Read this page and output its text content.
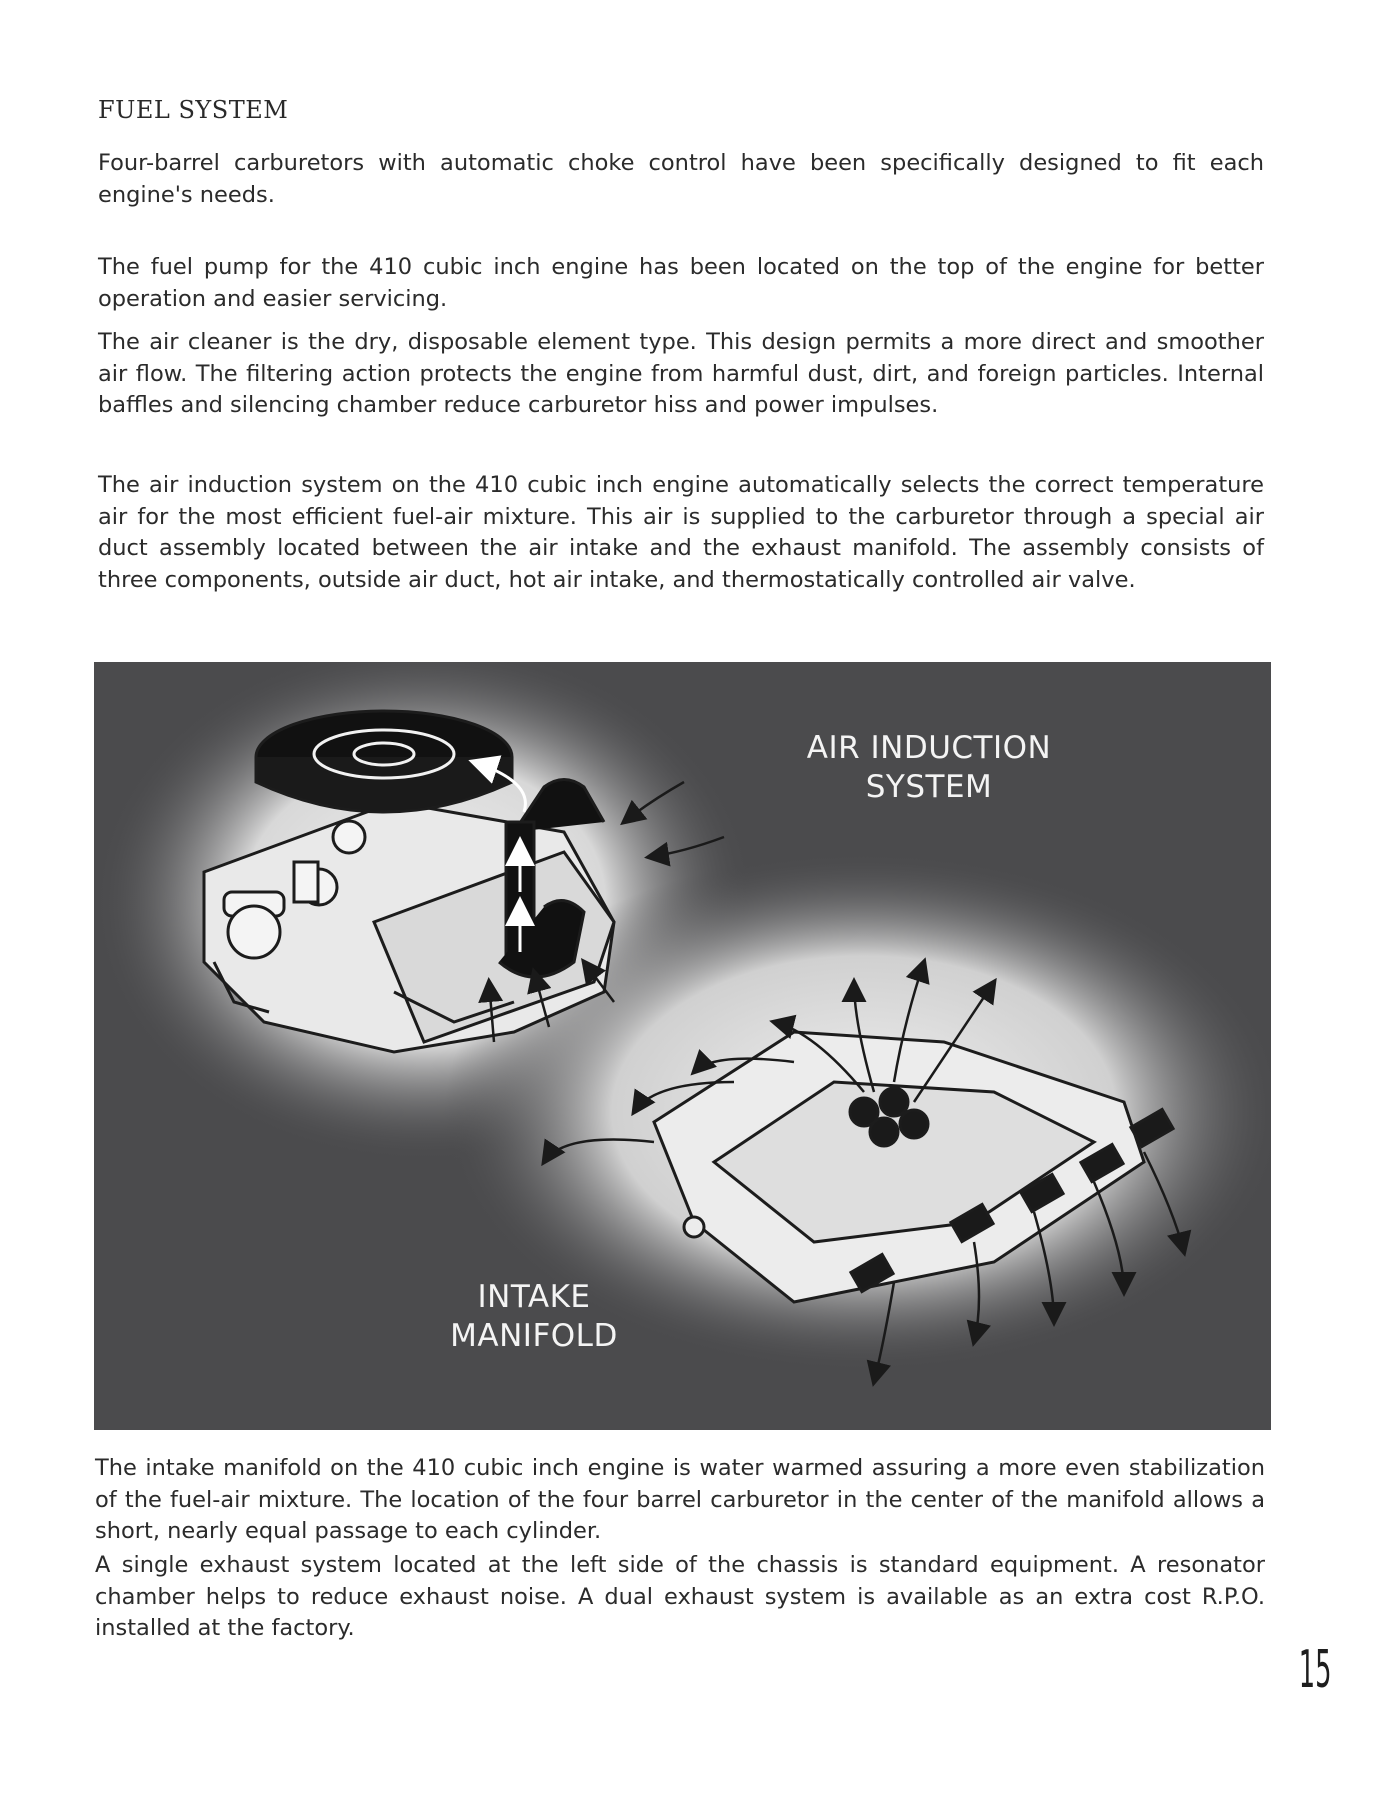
FUEL SYSTEM

Four-barrel carburetors with automatic choke control have been specifically designed to fit each engine's needs.

The fuel pump for the 410 cubic inch engine has been located on the top of the engine for better operation and easier servicing.

The air cleaner is the dry, disposable element type. This design permits a more direct and smoother air flow. The filtering action protects the engine from harmful dust, dirt, and foreign particles. Internal baffles and silencing chamber reduce carburetor hiss and power impulses.

The air induction system on the 410 cubic inch engine automatically selects the correct temperature air for the most efficient fuel-air mixture. This air is supplied to the carburetor through a special air duct assembly located between the air intake and the exhaust manifold. The assembly consists of three components, outside air duct, hot air intake, and thermostatically controlled air valve.

AIR INDUCTION
SYSTEM
INTAKE
MANIFOLD

The intake manifold on the 410 cubic inch engine is water warmed assuring a more even stabilization of the fuel-air mixture. The location of the four barrel carburetor in the center of the manifold allows a short, nearly equal passage to each cylinder.

A single exhaust system located at the left side of the chassis is standard equipment. A resonator chamber helps to reduce exhaust noise. A dual exhaust system is available as an extra cost R.P.O. installed at the factory.

15
